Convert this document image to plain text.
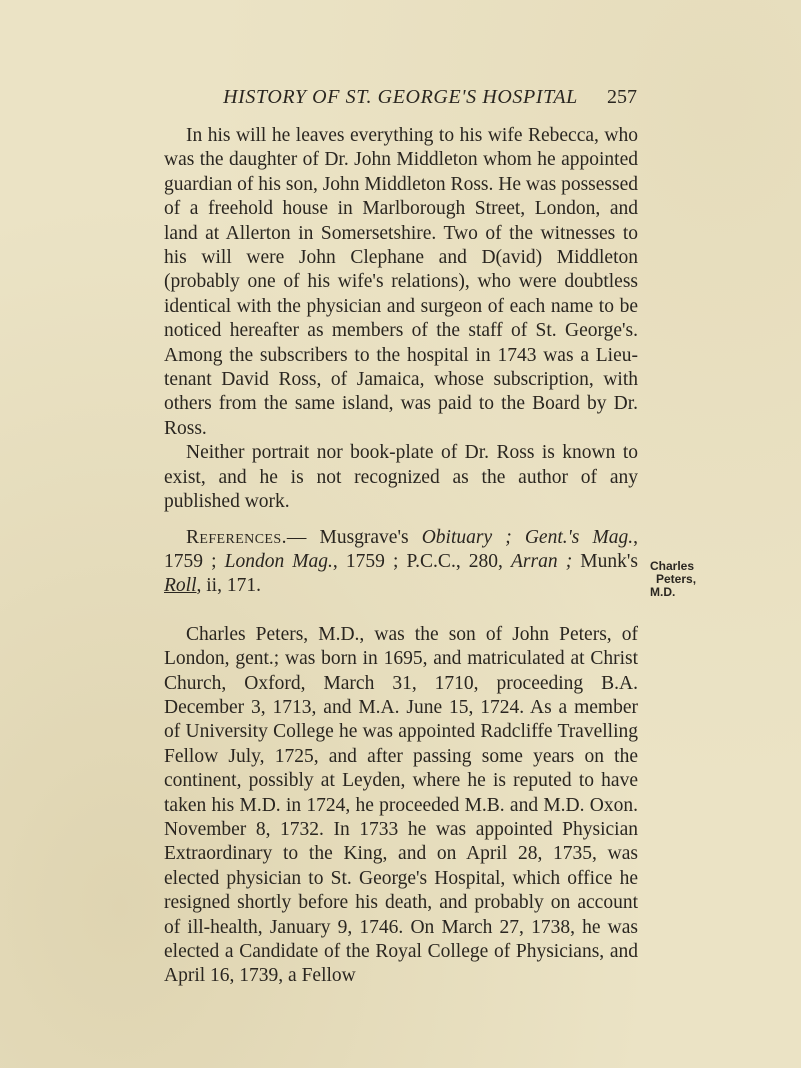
HISTORY OF ST. GEORGE'S HOSPITAL	257

In his will he leaves everything to his wife Rebecca, who was the daughter of Dr. John Middleton whom he appointed guardian of his son, John Middleton Ross. He was possessed of a freehold house in Marlborough Street, London, and land at Allerton in Somersetshire. Two of the witnesses to his will were John Clephane and D(avid) Middleton (probably one of his wife's relations), who were doubtless identical with the physician and surgeon of each name to be noticed hereafter as members of the staff of St. George's. Among the subscribers to the hospital in 1743 was a Lieu-tenant David Ross, of Jamaica, whose subscription, with others from the same island, was paid to the Board by Dr. Ross.

Neither portrait nor book-plate of Dr. Ross is known to exist, and he is not recognized as the author of any published work.

References.— Musgrave's Obituary ; Gent.'s Mag., 1759 ; London Mag., 1759 ; P.C.C., 280, Arran ; Munk's Roll, ii, 171.

Charles Peters, M.D., was the son of John Peters, of London, gent.; was born in 1695, and matriculated at Christ Church, Oxford, March 31, 1710, proceeding B.A. December 3, 1713, and M.A. June 15, 1724. As a member of University College he was appointed Radcliffe Travelling Fellow July, 1725, and after passing some years on the continent, possibly at Leyden, where he is reputed to have taken his M.D. in 1724, he proceeded M.B. and M.D. Oxon. November 8, 1732. In 1733 he was appointed Physician Extraordinary to the King, and on April 28, 1735, was elected physician to St. George's Hospital, which office he resigned shortly before his death, and probably on account of ill-health, January 9, 1746. On March 27, 1738, he was elected a Candidate of the Royal College of Physicians, and April 16, 1739, a Fellow

Charles
Peters,
M.D.
